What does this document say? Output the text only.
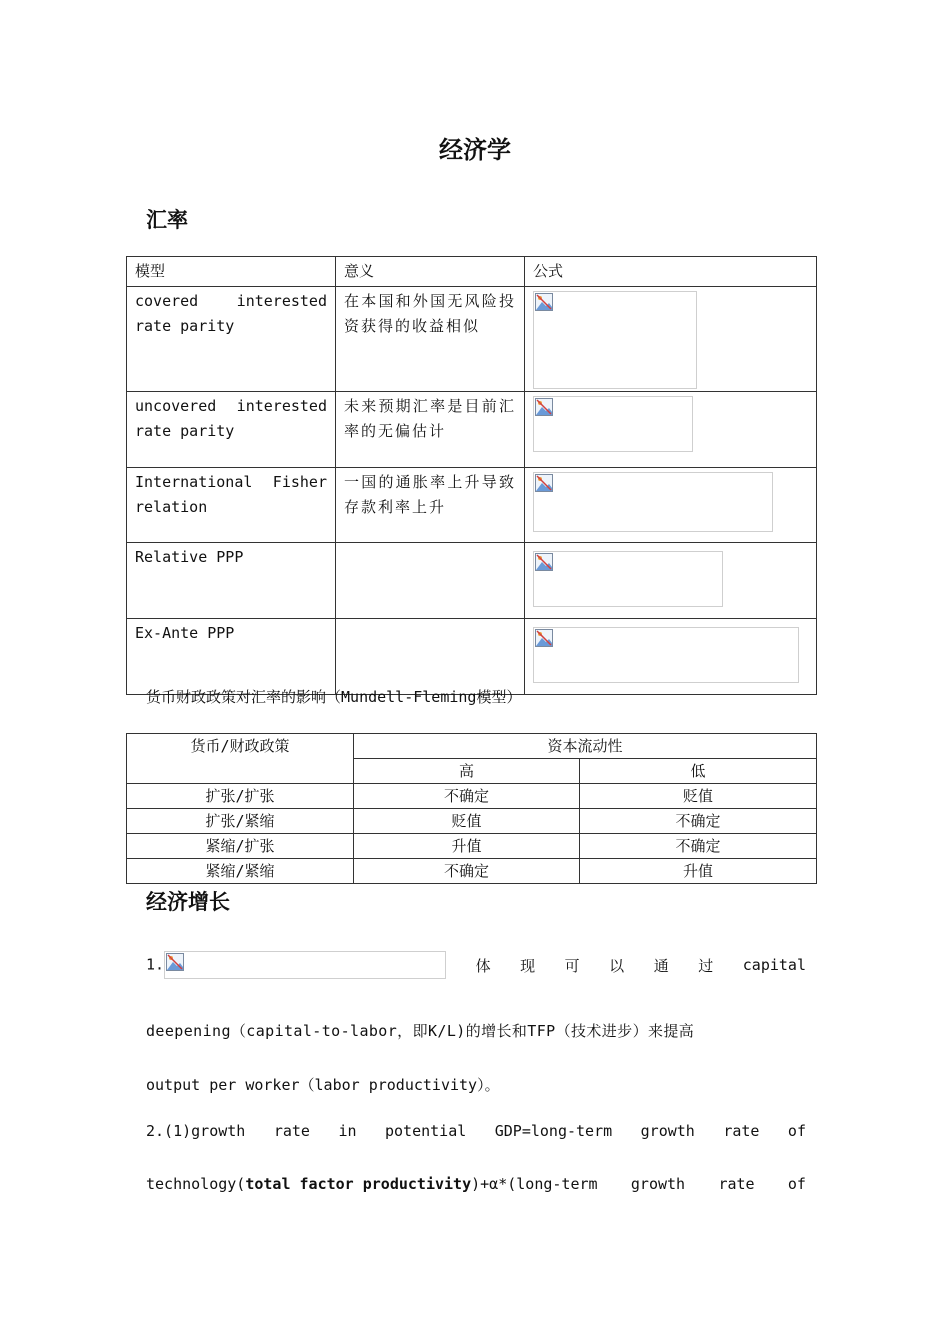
经济学
汇率
模型	意义	公式
covered interested rate parity	在本国和外国无风险投资获得的收益相似	

uncovered interested rate parity	未来预期汇率是目前汇率的无偏估计	

International Fisher relation	一国的通胀率上升导致存款利率上升	

Relative PPP		

Ex-Ante PPP		
货币财政政策对汇率的影响（Mundell-Fleming模型）
货币/财政政策	资本流动性	
	高	低
扩张/扩张	不确定	贬值
扩张/紧缩	贬值	不确定
紧缩/扩张	升值	不确定
紧缩/紧缩	不确定	升值
经济增长
1.	体 现 可 以 通 过 capital
deepening（capital-to-labor，即K/L)的增长和TFP（技术进步）来提高
output per worker（labor productivity）。
2.(1)growth rate in potential GDP=long-term growth rate of
technology(total factor productivity)+α*(long-term growth rate of
